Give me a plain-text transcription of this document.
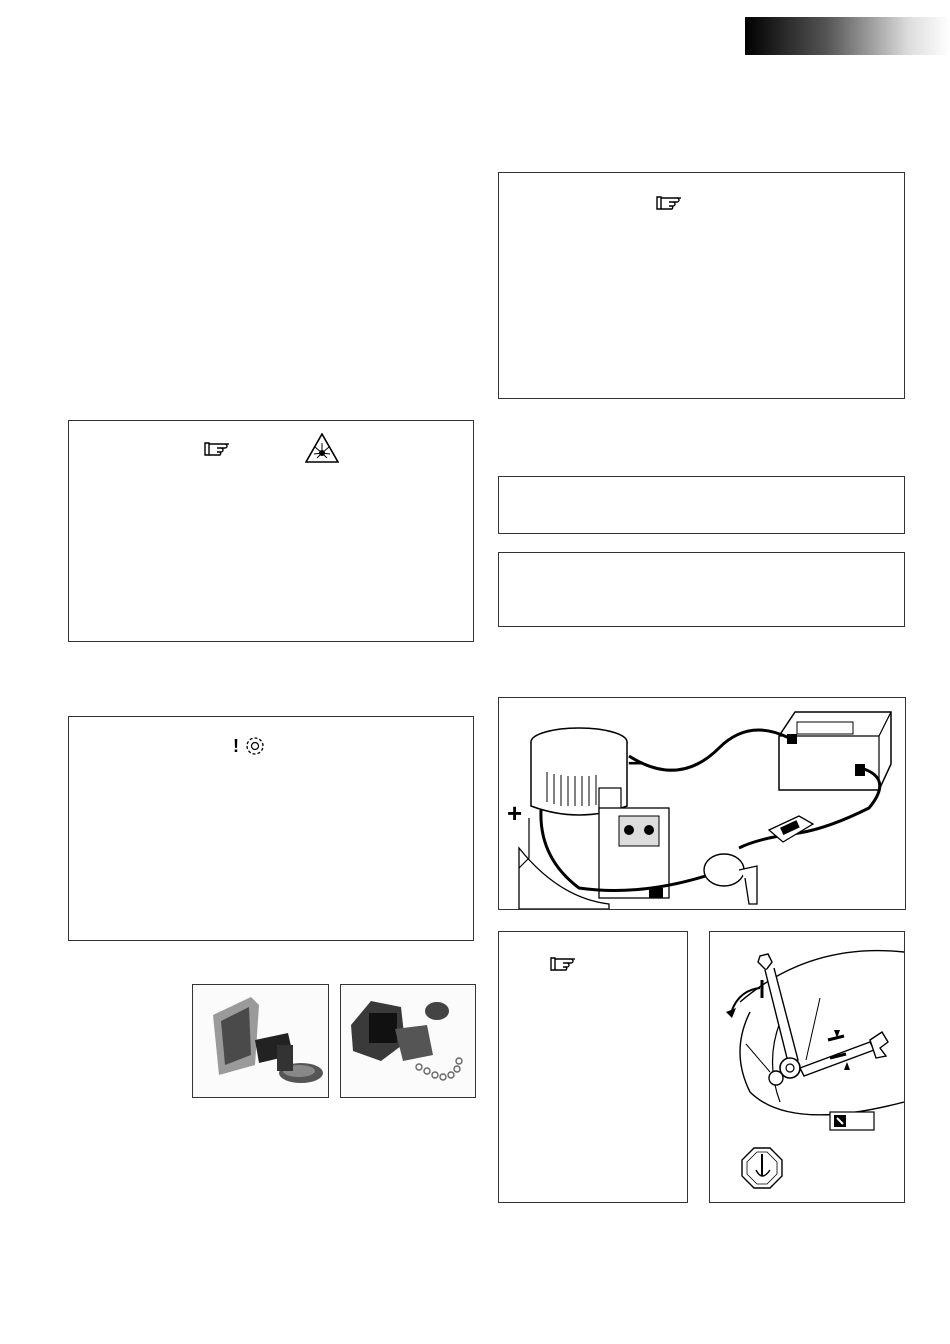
!	–
+
